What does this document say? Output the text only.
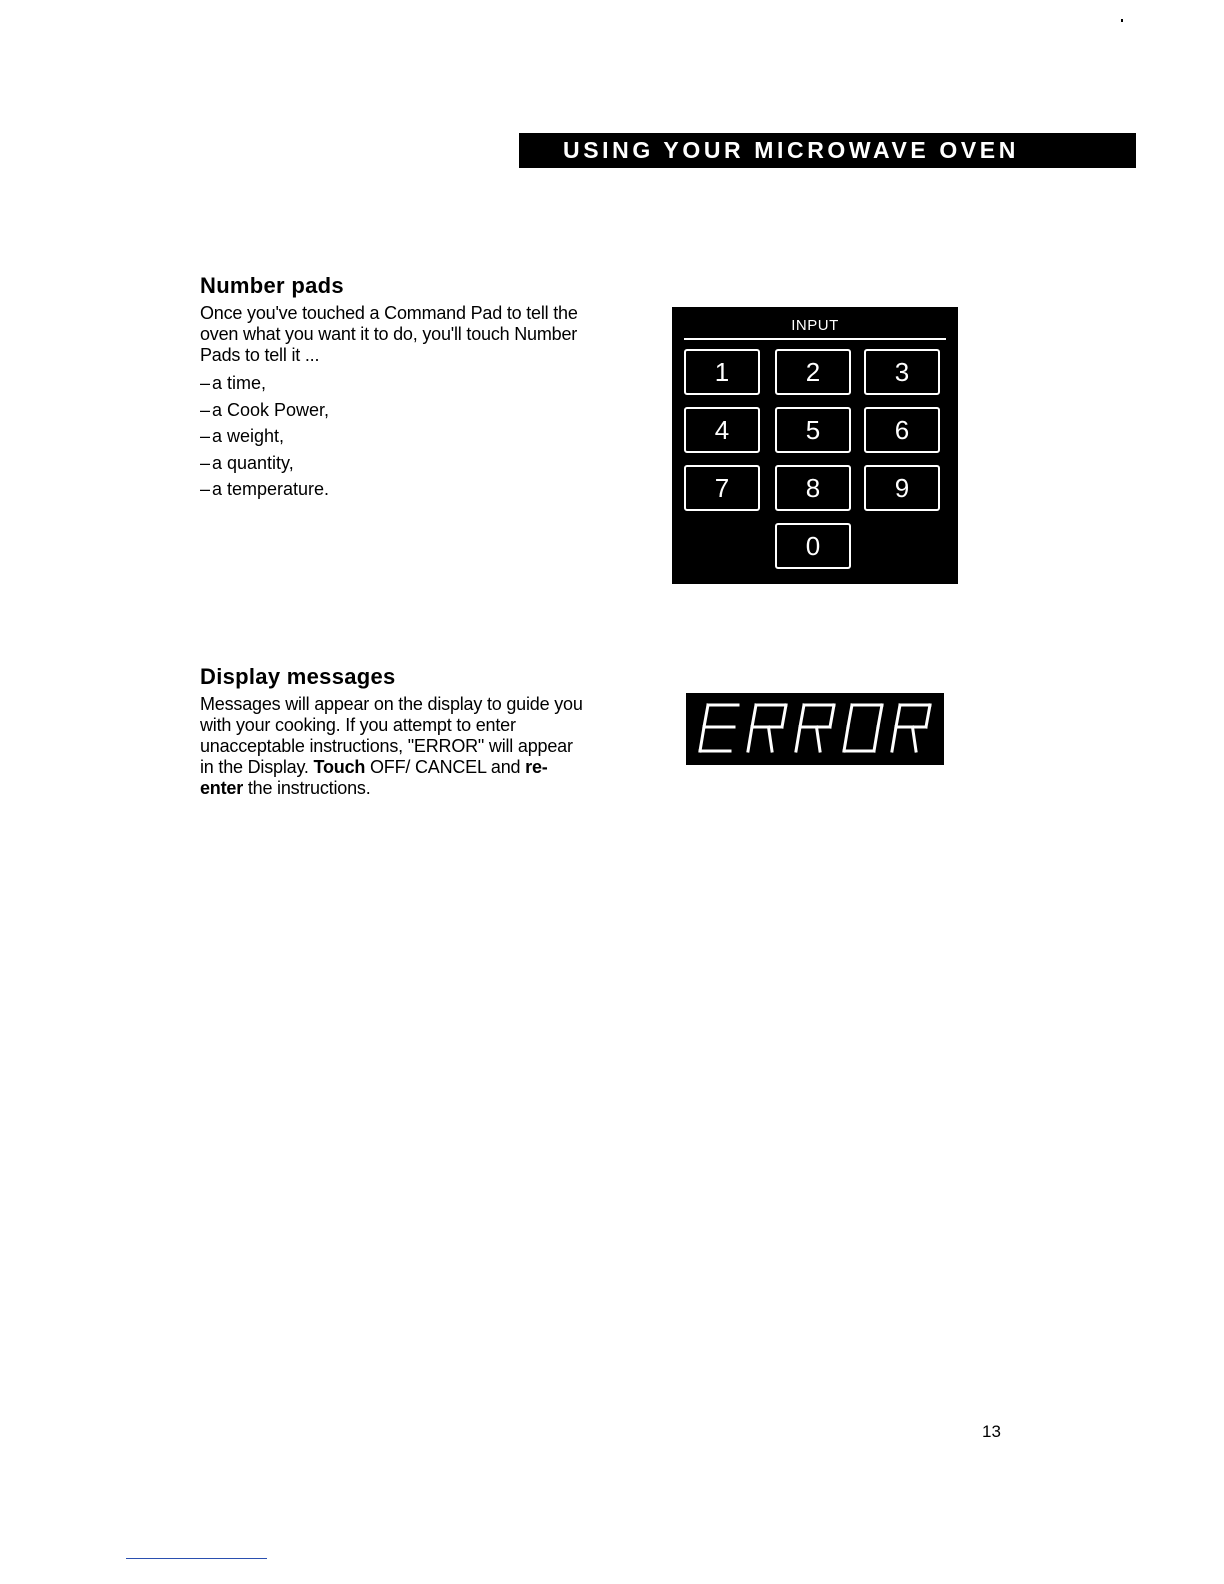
USING YOUR MICROWAVE OVEN
Number pads

Once you've touched a Command Pad to tell the oven what you want it to do, you'll touch Number Pads to tell it ...

– a time,
– a Cook Power,
– a weight,
– a quantity,
– a temperature.
INPUT
1	2	3
4	5	6
7	8	9
0
Display messages

Messages will appear on the display to guide you with your cooking. If you attempt to enter unacceptable instructions, "ERROR" will appear in the Display. Touch OFF/ CANCEL and re-enter the instructions.

13
